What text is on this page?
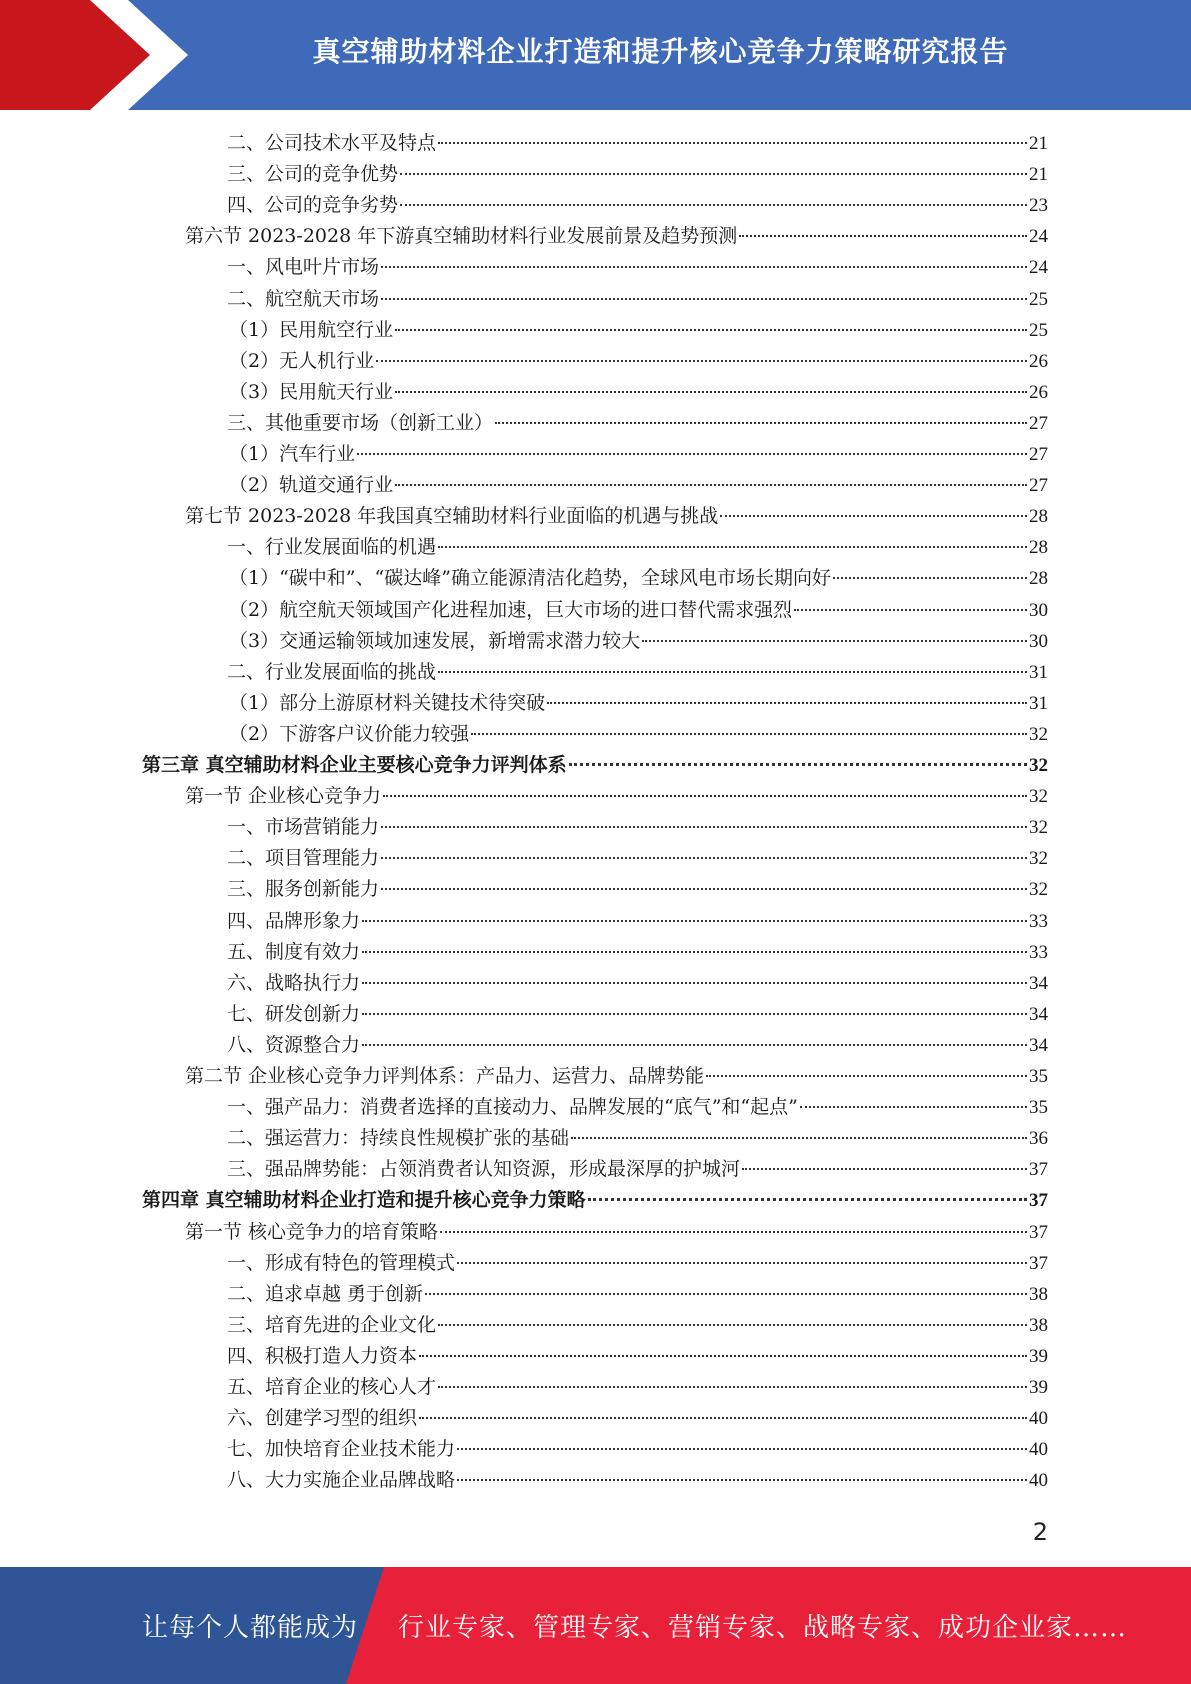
真空辅助材料企业打造和提升核心竞争力策略研究报告
二、公司技术水平及特点	21
三、公司的竞争优势	21
四、公司的竞争劣势	23
第六节 2023-2028 年下游真空辅助材料行业发展前景及趋势预测	24
一、风电叶片市场	24
二、航空航天市场	25
（1）民用航空行业	25
（2）无人机行业	26
（3）民用航天行业	26
三、其他重要市场（创新工业）	27
（1）汽车行业	27
（2）轨道交通行业	27
第七节 2023-2028 年我国真空辅助材料行业面临的机遇与挑战	28
一、行业发展面临的机遇	28
（1）“碳中和”、“碳达峰”确立能源清洁化趋势，全球风电市场长期向好	28
（2）航空航天领域国产化进程加速，巨大市场的进口替代需求强烈	30
（3）交通运输领域加速发展，新增需求潜力较大	30
二、行业发展面临的挑战	31
（1）部分上游原材料关键技术待突破	31
（2）下游客户议价能力较强	32
第三章 真空辅助材料企业主要核心竞争力评判体系	32
第一节 企业核心竞争力	32
一、市场营销能力	32
二、项目管理能力	32
三、服务创新能力	32
四、品牌形象力	33
五、制度有效力	33
六、战略执行力	34
七、研发创新力	34
八、资源整合力	34
第二节 企业核心竞争力评判体系：产品力、运营力、品牌势能	35
一、强产品力：消费者选择的直接动力、品牌发展的“底气”和“起点”	35
二、强运营力：持续良性规模扩张的基础	36
三、强品牌势能：占领消费者认知资源，形成最深厚的护城河	37
第四章 真空辅助材料企业打造和提升核心竞争力策略	37
第一节 核心竞争力的培育策略	37
一、形成有特色的管理模式	37
二、追求卓越 勇于创新	38
三、培育先进的企业文化	38
四、积极打造人力资本	39
五、培育企业的核心人才	39
六、创建学习型的组织	40
七、加快培育企业技术能力	40
八、大力实施企业品牌战略	40
2
让每个人都能成为 行业专家、管理专家、营销专家、战略专家、成功企业家……
